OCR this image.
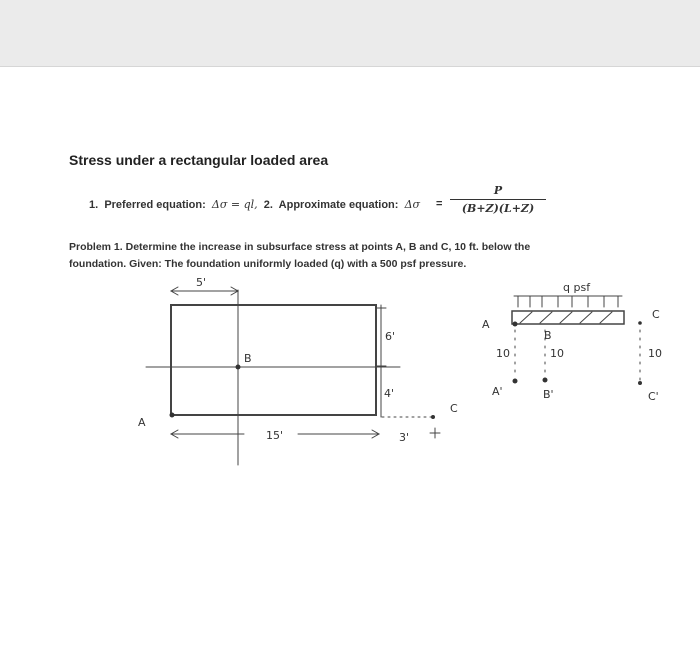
Stress under a rectangular loaded area
1. Preferred equation: Δσ = ql, 2. Approximate equation: Δσ =
P
(B+Z)(L+Z)
Problem 1. Determine the increase in subsurface stress at points A, B and C, 10 ft. below the
foundation. Given: The foundation uniformly loaded (q) with a 500 psf pressure.
5'
6'
4'
15'	3'
A
B
C
q psf
A
B
C
10	10	10
A'	B'	C'
